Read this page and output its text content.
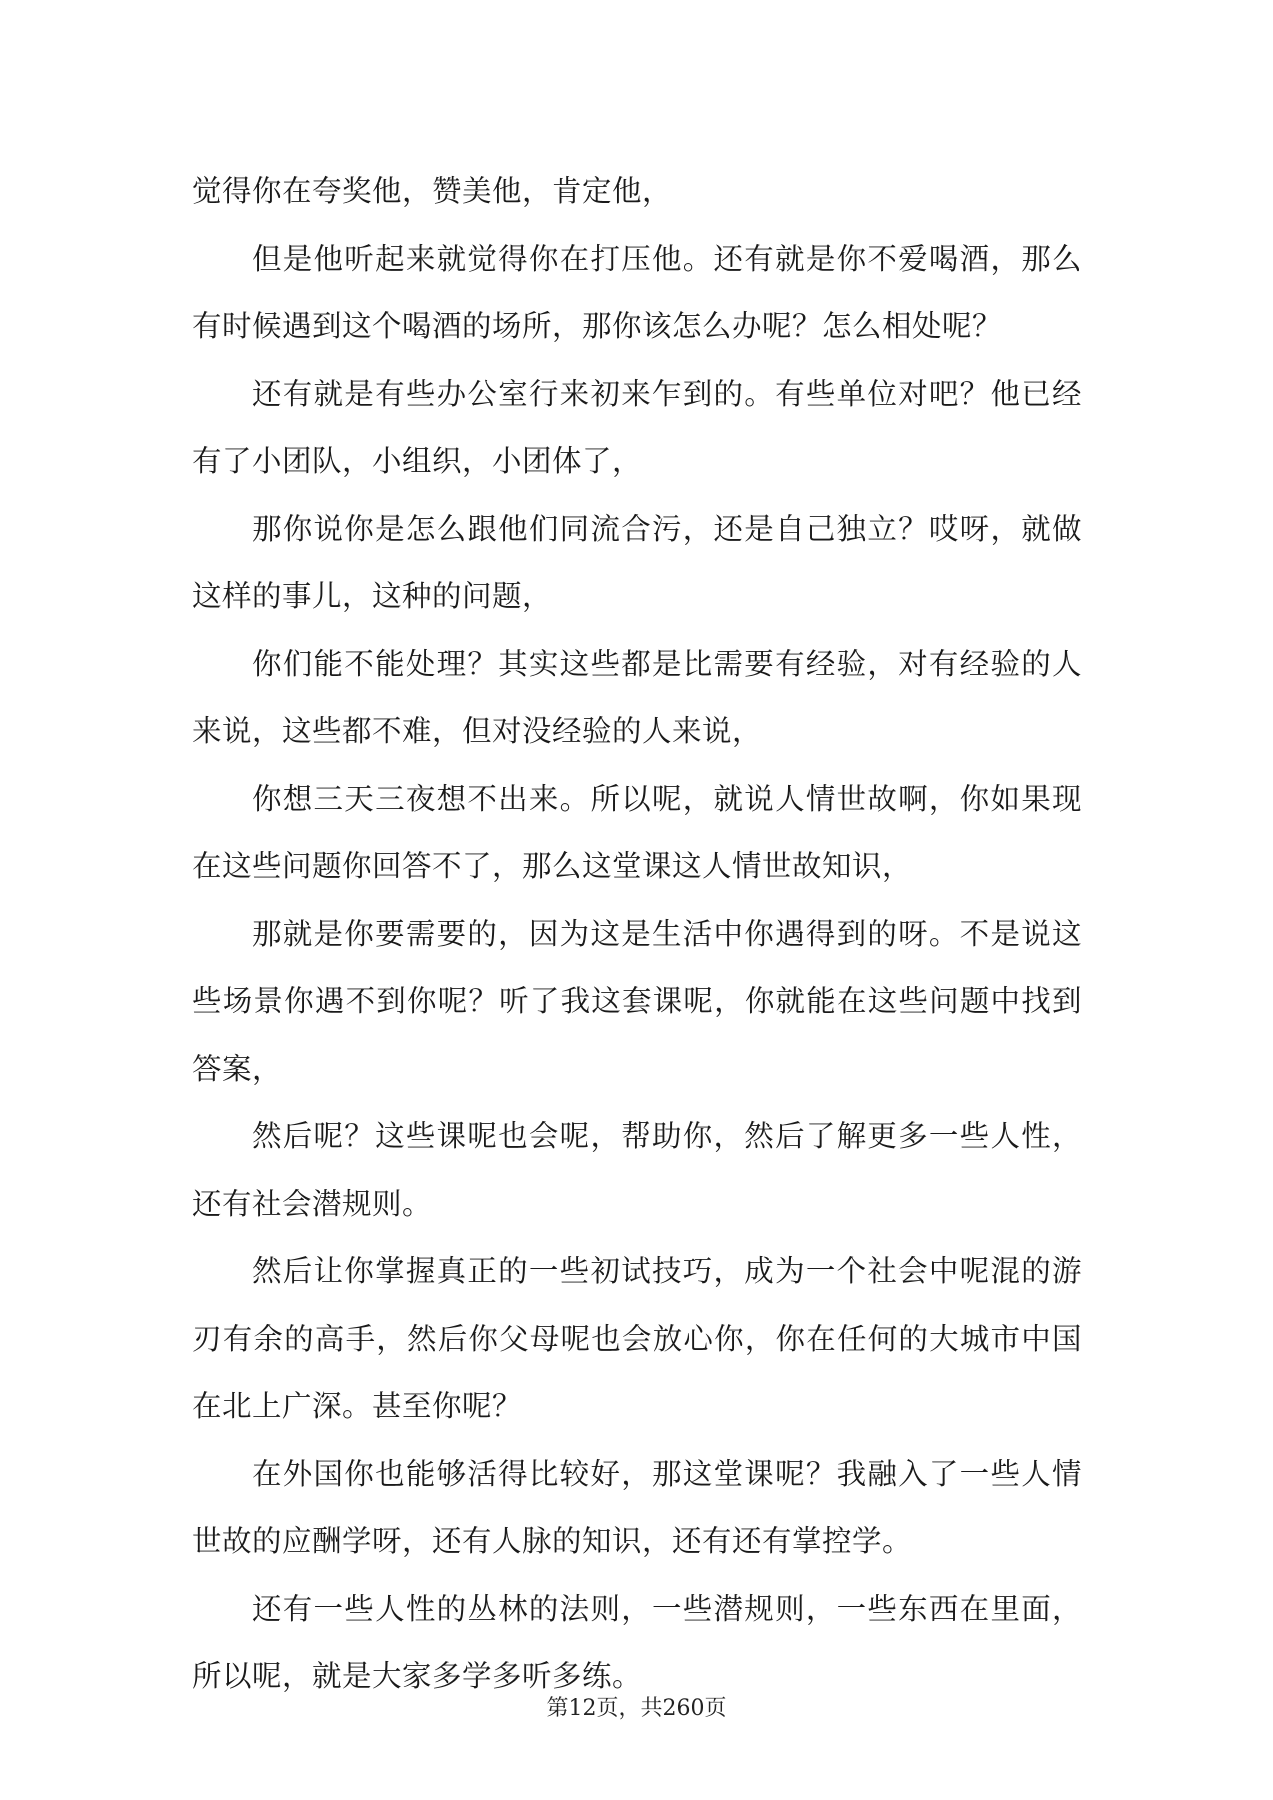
觉得你在夸奖他，赞美他，肯定他，

但是他听起来就觉得你在打压他。还有就是你不爱喝酒，那么有时候遇到这个喝酒的场所，那你该怎么办呢？怎么相处呢？

还有就是有些办公室行来初来乍到的。有些单位对吧？他已经有了小团队，小组织，小团体了，

那你说你是怎么跟他们同流合污，还是自己独立？哎呀，就做这样的事儿，这种的问题，

你们能不能处理？其实这些都是比需要有经验，对有经验的人来说，这些都不难，但对没经验的人来说，

你想三天三夜想不出来。所以呢，就说人情世故啊，你如果现在这些问题你回答不了，那么这堂课这人情世故知识，

那就是你要需要的，因为这是生活中你遇得到的呀。不是说这些场景你遇不到你呢？听了我这套课呢，你就能在这些问题中找到答案，

然后呢？这些课呢也会呢，帮助你，然后了解更多一些人性，还有社会潜规则。

然后让你掌握真正的一些初试技巧，成为一个社会中呢混的游刃有余的高手，然后你父母呢也会放心你，你在任何的大城市中国在北上广深。甚至你呢？

在外国你也能够活得比较好，那这堂课呢？我融入了一些人情世故的应酬学呀，还有人脉的知识，还有还有掌控学。

还有一些人性的丛林的法则，一些潜规则，一些东西在里面，所以呢，就是大家多学多听多练。

第12页，共260页
